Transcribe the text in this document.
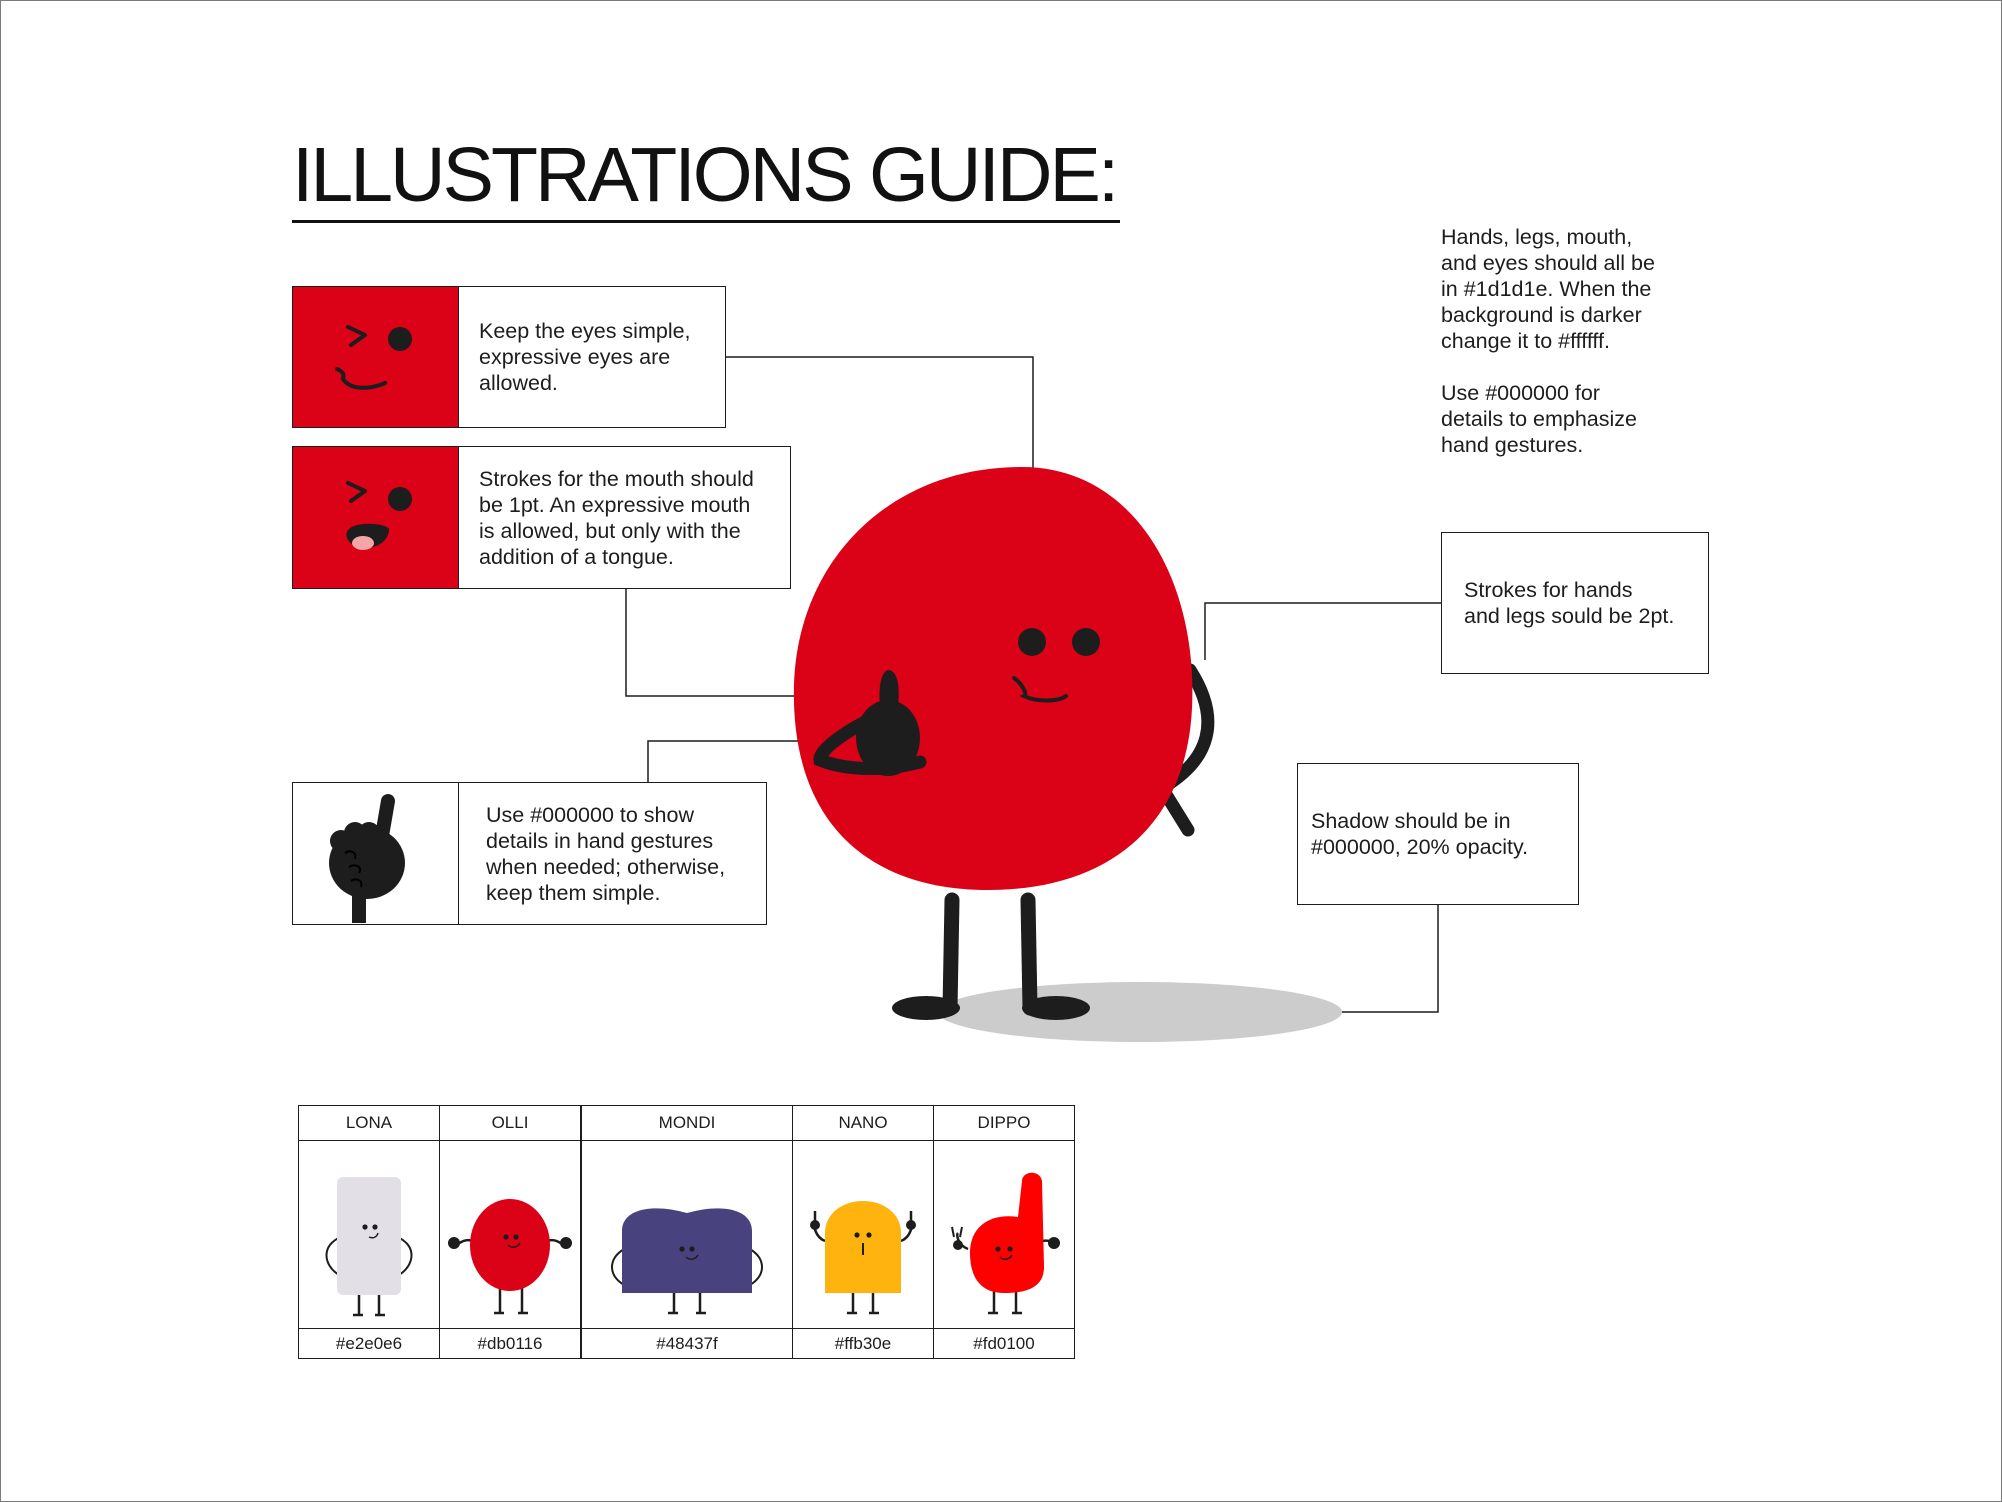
ILLUSTRATIONS GUIDE:

Hands, legs, mouth,

and eyes should all be

in #1d1d1e. When the

background is darker

change it to #ffffff.

Use #000000 for

details to emphasize

hand gestures.

Keep the eyes simple,
expressive eyes are
allowed.
Strokes for the mouth should
be 1pt. An expressive mouth
is allowed, but only with the
addition of a tongue.
Use #000000 to show
details in hand gestures
when needed; otherwise,
keep them simple.
Strokes for hands
and legs sould be 2pt.
Shadow should be in
#000000, 20% opacity.
LONA	OLLI	MONDI	NANO	DIPPO

#e2e0e6	#db0116	#48437f	#ffb30e	#fd0100
